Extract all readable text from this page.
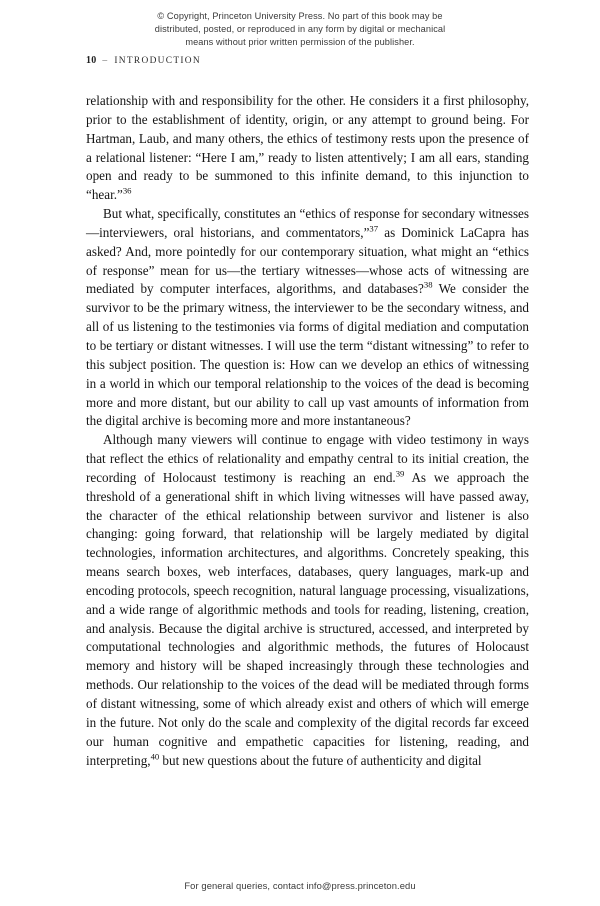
© Copyright, Princeton University Press. No part of this book may be
distributed, posted, or reproduced in any form by digital or mechanical
means without prior written permission of the publisher.
10 – INTRODUCTION

relationship with and responsibility for the other. He considers it a first philosophy, prior to the establishment of identity, origin, or any attempt to ground being. For Hartman, Laub, and many others, the ethics of testimony rests upon the presence of a relational listener: “Here I am,” ready to listen attentively; I am all ears, standing open and ready to be summoned to this infinite demand, to this injunction to “hear.”$^{36}$

But what, specifically, constitutes an “ethics of response for secondary witnesses—interviewers, oral historians, and commentators,”$^{37}$ as Dominick LaCapra has asked? And, more pointedly for our contemporary situation, what might an “ethics of response” mean for us—the tertiary witnesses—whose acts of witnessing are mediated by computer interfaces, algorithms, and databases?$^{38}$ We consider the survivor to be the primary witness, the interviewer to be the secondary witness, and all of us listening to the testimonies via forms of digital mediation and computation to be tertiary or distant witnesses. I will use the term “distant witnessing” to refer to this subject position. The question is: How can we develop an ethics of witnessing in a world in which our temporal relationship to the voices of the dead is becoming more and more distant, but our ability to call up vast amounts of information from the digital archive is becoming more and more instantaneous?

Although many viewers will continue to engage with video testimony in ways that reflect the ethics of relationality and empathy central to its initial creation, the recording of Holocaust testimony is reaching an end.$^{39}$ As we approach the threshold of a generational shift in which living witnesses will have passed away, the character of the ethical relationship between survivor and listener is also changing: going forward, that relationship will be largely mediated by digital technologies, information architectures, and algorithms. Concretely speaking, this means search boxes, web interfaces, databases, query languages, mark-up and encoding protocols, speech recognition, natural language processing, visualizations, and a wide range of algorithmic methods and tools for reading, listening, creation, and analysis. Because the digital archive is structured, accessed, and interpreted by computational technologies and algorithmic methods, the futures of Holocaust memory and history will be shaped increasingly through these technologies and methods. Our relationship to the voices of the dead will be mediated through forms of distant witnessing, some of which already exist and others of which will emerge in the future. Not only do the scale and complexity of the digital records far exceed our human cognitive and empathetic capacities for listening, reading, and interpreting,$^{40}$ but new questions about the future of authenticity and digital

For general queries, contact info@press.princeton.edu
